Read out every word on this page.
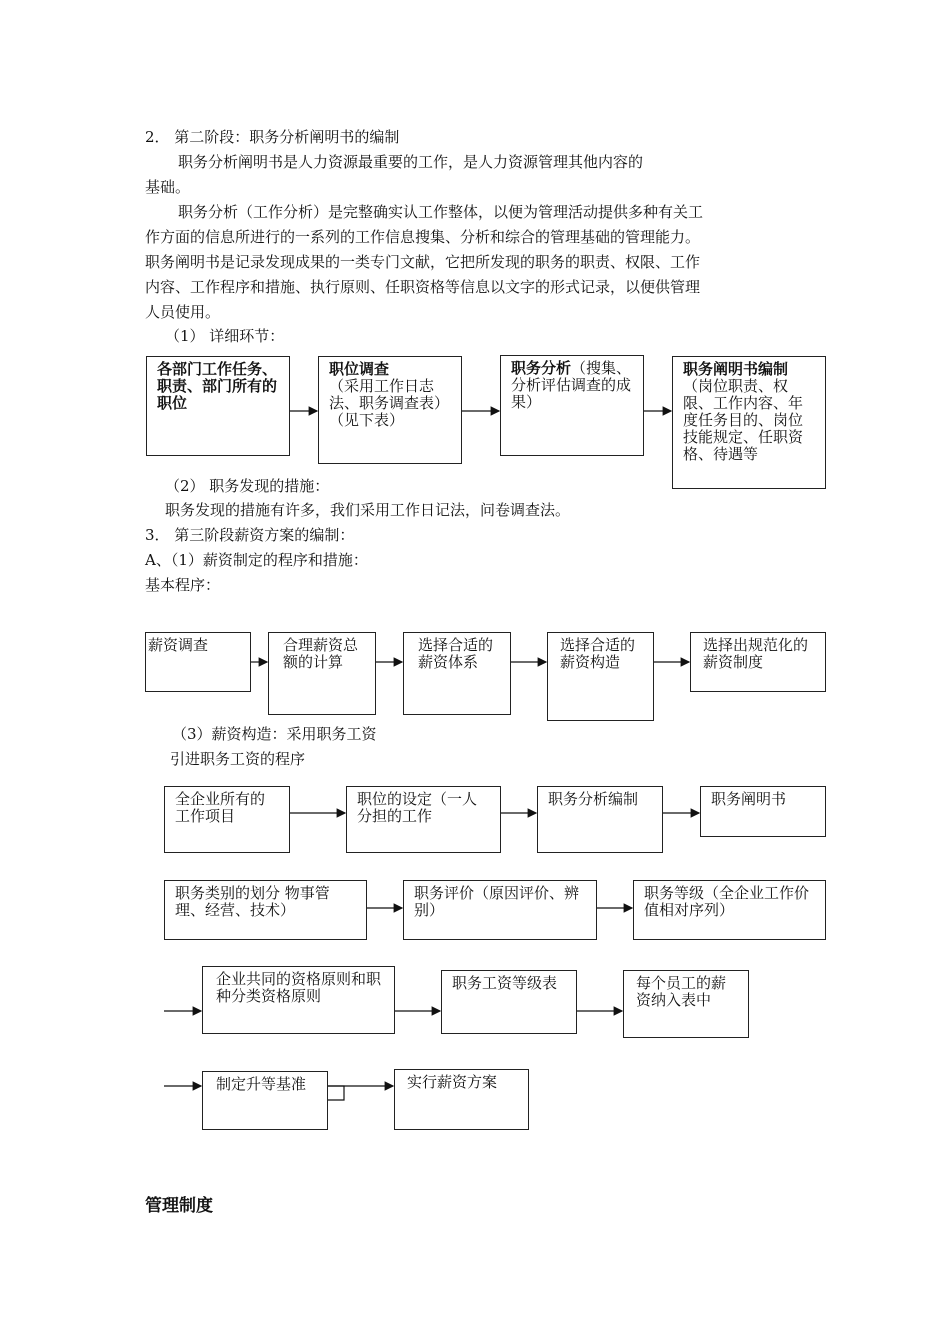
2． 第二阶段：职务分析阐明书的编制
职务分析阐明书是人力资源最重要的工作，是人力资源管理其他内容的
基础。
职务分析（工作分析）是完整确实认工作整体，以便为管理活动提供多种有关工
作方面的信息所进行的一系列的工作信息搜集、分析和综合的管理基础的管理能力。
职务阐明书是记录发现成果的一类专门文献，它把所发现的职务的职责、权限、工作
内容、工作程序和措施、执行原则、任职资格等信息以文字的形式记录，以便供管理
人员使用。
（1） 详细环节：
各部门工作任务、职责、部门所有的职位
职位调查

（采用工作日志法、职务调查表）（见下表）
职务分析（搜集、分析评估调查的成果）
职务阐明书编制（岗位职责、权限、工作内容、年度任务目的、岗位技能规定、任职资格、待遇等
（2） 职务发现的措施：
职务发现的措施有许多，我们采用工作日记法，问卷调查法。
3． 第三阶段薪资方案的编制：
A、（1）薪资制定的程序和措施：
基本程序：
薪资调查	合理薪资总额的计算
选择合适的薪资体系
选择合适的薪资构造
选择出规范化的薪资制度
（3）薪资构造：采用职务工资
引进职务工资的程序
全企业所有的工作项目
职位的设定（一人分担的工作
职务分析编制	职务阐明书
职务类别的划分 物事管理、经营、技术）
职务评价（原因评价、辨别）
职务等级（全企业工作价值相对序列）
企业共同的资格原则和职种分类资格原则
职务工资等级表	每个员工的薪资纳入表中
制定升等基准	实行薪资方案
管理制度
